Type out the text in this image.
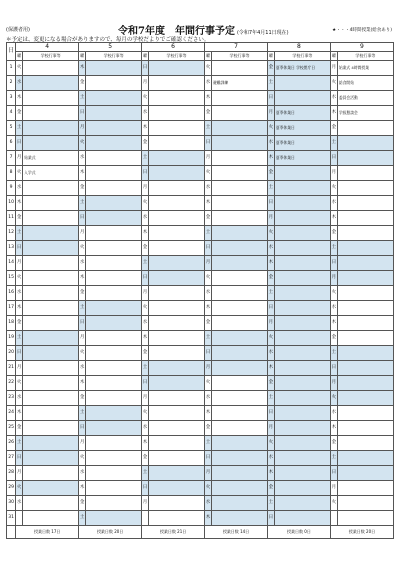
(保護者用)	令和7年度　年間行事予定 (令和7年4月11日現在)	★・・・4時間授業(給食あり)
＊予定は、変更になる場合がありますので、毎月の学校だよりでご確認ください。
日	4		5		6		7		8		9	
	曜	学校行事等	曜	学校行事等	曜	学校行事等	曜	学校行事等	曜	学校行事等	曜	学校行事等
1	火		木		日		火		金	夏季休業日 学校閉庁日	月	始業式 4時間授業
2	水		金		月		水	避難訓練	土		火	給食開始
3	木		土		火		木		日		水	委員会活動
4	金		日		水		金		月	夏季休業日	木	学級懇談会
5	土		月		木		土		火	夏季休業日	金	
6	日		火		金		日		水	夏季休業日	土	
7	月	始業式	水		土		月		木	夏季休業日	日	
8	火	入学式	木		日		火		金		月	
9	水		金		月		水		土		火	
10	木		土		火		木		日		水	
11	金		日		水		金		月		木	
12	土		月		木		土		火		金	
13	日		火		金		日		水		土	
14	月		水		土		月		木		日	
15	火		木		日		火		金		月	
16	水		金		月		水		土		火	
17	木		土		火		木		日		水	
18	金		日		水		金		月		木	
19	土		月		木		土		火		金	
20	日		火		金		日		水		土	
21	月		水		土		月		木		日	
22	火		木		日		火		金		月	
23	水		金		月		水		土		火	
24	木		土		火		木		日		水	
25	金		日		水		金		月		木	
26	土		月		木		土		火		金	
27	日		火		金		日		水		土	
28	月		水		土		月		木		日	
29	火		木		日		火		金		月	
30	水		金		月		水		土		火	
31			土				木		日			
	授業日数 17日		授業日数 20日		授業日数 21日		授業日数 14日		授業日数 0日		授業日数 20日	
